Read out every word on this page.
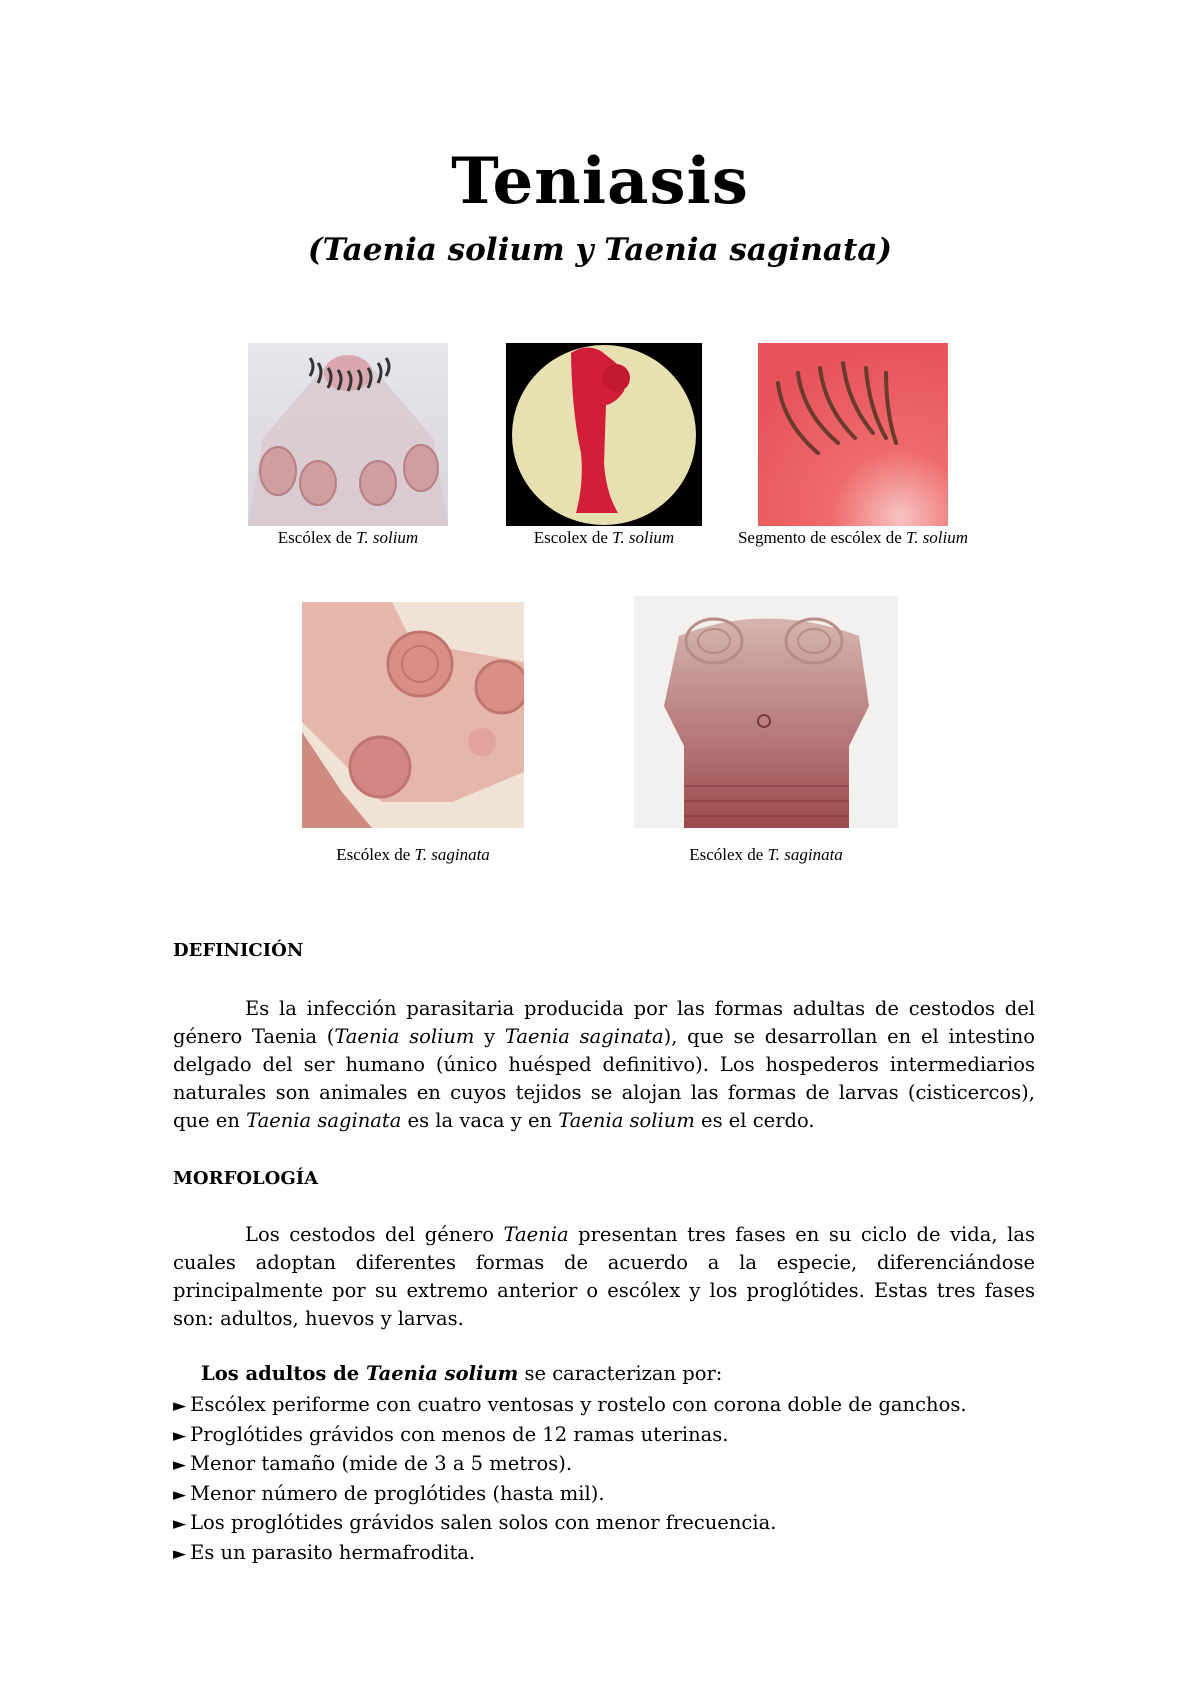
Teniasis
(Taenia solium y Taenia saginata)
Escólex de T. solium	Escolex de T. solium	Segmento de escólex de T. solium
Escólex de T. saginata	Escólex de T. saginata
DEFINICIÓN
Es la infección parasitaria producida por las formas adultas de cestodos del género Taenia (Taenia solium y Taenia saginata), que se desarrollan en el intestino delgado del ser humano (único huésped definitivo). Los hospederos intermediarios naturales son animales en cuyos tejidos se alojan las formas de larvas (cisticercos), que en Taenia saginata es la vaca y en Taenia solium es el cerdo.
MORFOLOGÍA
Los cestodos del género Taenia presentan tres fases en su ciclo de vida, las cuales adoptan diferentes formas de acuerdo a la especie, diferenciándose principalmente por su extremo anterior o escólex y los proglótides. Estas tres fases son: adultos, huevos y larvas.
Los adultos de Taenia solium se caracterizan por:
► Escólex periforme con cuatro ventosas y rostelo con corona doble de ganchos.
► Proglótides grávidos con menos de 12 ramas uterinas.
► Menor tamaño (mide de 3 a 5 metros).
► Menor número de proglótides (hasta mil).
► Los proglótides grávidos salen solos con menor frecuencia.
► Es un parasito hermafrodita.
